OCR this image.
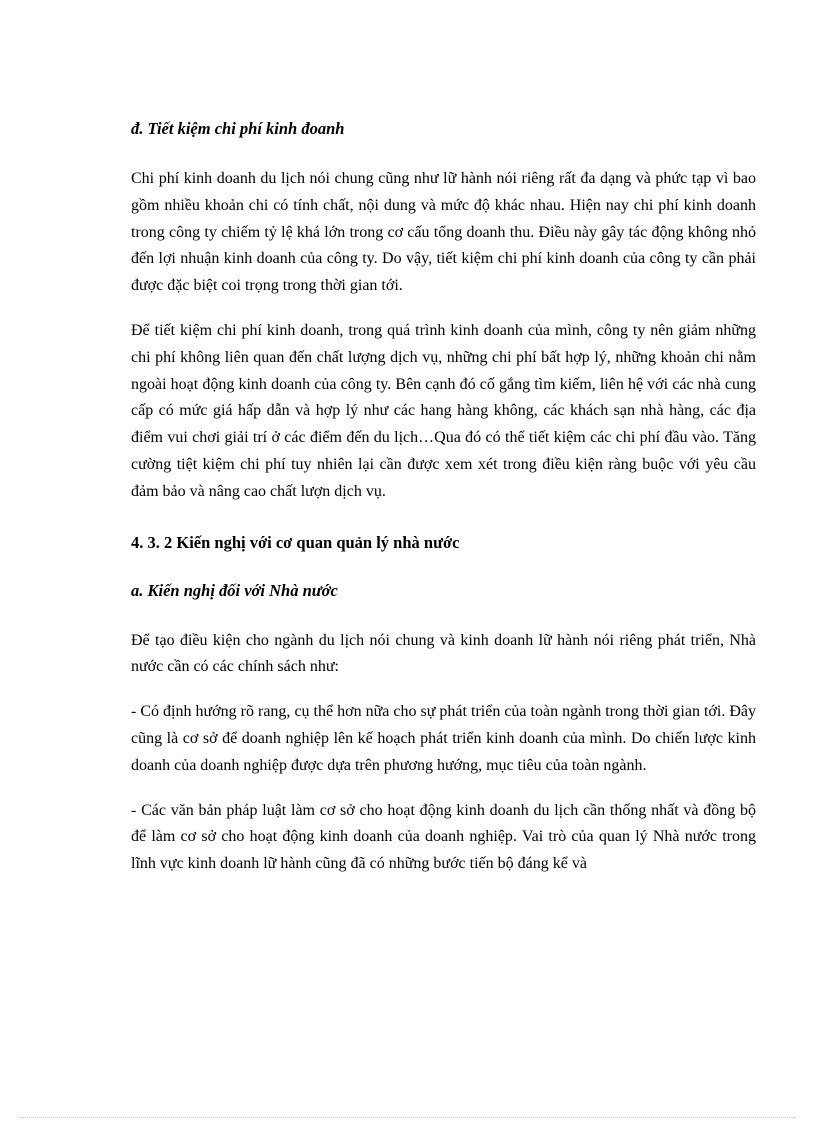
đ. Tiết kiệm chi phí kinh đoanh

Chi phí kinh doanh du lịch nói chung cũng như lữ hành nói riêng rất đa dạng và phức tạp vì bao gồm nhiều khoản chi có tính chất, nội dung và mức độ khác nhau. Hiện nay chi phí kinh doanh trong công ty chiếm tỷ lệ khá lớn trong cơ cấu tổng doanh thu. Điều này gây tác động không nhỏ đến lợi nhuận kinh doanh của công ty. Do vậy, tiết kiệm chi phí kinh doanh của công ty cần phải được đặc biệt coi trọng trong thời gian tới.

Để tiết kiệm chi phí kinh doanh, trong quá trình kinh doanh của mình, công ty nên giảm những chi phí không liên quan đến chất lượng dịch vụ, những chi phí bất hợp lý, những khoản chi nằm ngoài hoạt động kinh doanh của công ty. Bên cạnh đó cố gắng tìm kiếm, liên hệ với các nhà cung cấp có mức giá hấp dẫn và hợp lý như các hang hàng không, các khách sạn nhà hàng, các địa điểm vui chơi giải trí ở các điểm đến du lịch…Qua đó có thể tiết kiệm các chi phí đầu vào. Tăng cường tiệt kiệm chi phí tuy nhiên lại cần được xem xét trong điều kiện ràng buộc với yêu cầu đảm bảo và nâng cao chất lượn dịch vụ.

4. 3. 2 Kiến nghị với cơ quan quản lý nhà nước
a. Kiến nghị đối với Nhà nước

Để tạo điều kiện cho ngành du lịch nói chung và kinh doanh lữ hành nói riêng phát triển, Nhà nước cần có các chính sách như:

- Có định hướng rõ rang, cụ thể hơn nữa cho sự phát triển của toàn ngành trong thời gian tới. Đây cũng là cơ sở để doanh nghiệp lên kế hoạch phát triển kinh doanh của mình. Do chiến lược kinh doanh của doanh nghiệp được dựa trên phương hướng, mục tiêu của toàn ngành.

- Các văn bản pháp luật làm cơ sở cho hoạt động kinh doanh du lịch cần thống nhất và đồng bộ để làm cơ sở cho hoạt động kinh doanh của doanh nghiệp. Vai trò của quan lý Nhà nước trong lĩnh vực kinh doanh lữ hành cũng đã có những bước tiến bộ đáng kể và
